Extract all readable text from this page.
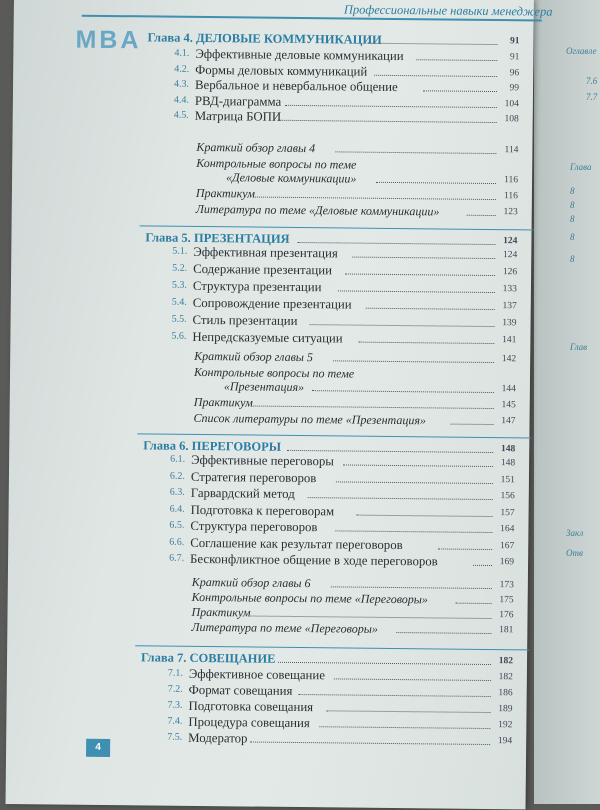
Профессиональные навыки менеджера
MBA Глава 4. ДЕЛОВЫЕ КОММУНИКАЦИИ	91
4.1. Эффективные деловые коммуникации	91
4.2. Формы деловых коммуникаций	96
4.3. Вербальное и невербальное общение	99
4.4. РВД-диаграмма	104
4.5. Матрица БОПИ	108
Краткий обзор главы 4	114
Контрольные вопросы по теме
«Деловые коммуникации»	116
Практикум	116
Литература по теме «Деловые коммуникации»	123
Глава 5. ПРЕЗЕНТАЦИЯ	124
5.1. Эффективная презентация	124
5.2. Содержание презентации	126
5.3. Структура презентации	133
5.4. Сопровождение презентации	137
5.5. Стиль презентации	139
5.6. Непредсказуемые ситуации	141
Краткий обзор главы 5	142
Контрольные вопросы по теме
«Презентация»	144
Практикум	145
Список литературы по теме «Презентация»	147
Глава 6. ПЕРЕГОВОРЫ	148
6.1. Эффективные переговоры	148
6.2. Стратегия переговоров	151
6.3. Гарвардский метод	156
6.4. Подготовка к переговорам	157
6.5. Структура переговоров	164
6.6. Соглашение как результат переговоров	167
6.7. Бесконфликтное общение в ходе переговоров	169
Краткий обзор главы 6	173
Контрольные вопросы по теме «Переговоры»	175
Практикум	176
Литература по теме «Переговоры»	181
Глава 7. СОВЕЩАНИЕ	182
7.1. Эффективное совещание	182
7.2. Формат совещания	186
7.3. Подготовка совещания	189
7.4. Процедура совещания	192
7.5. Модератор	194
4
Оглавле
7.6
7.7
Глава
8
8
8
8
8
Глав
Закл
Отв
